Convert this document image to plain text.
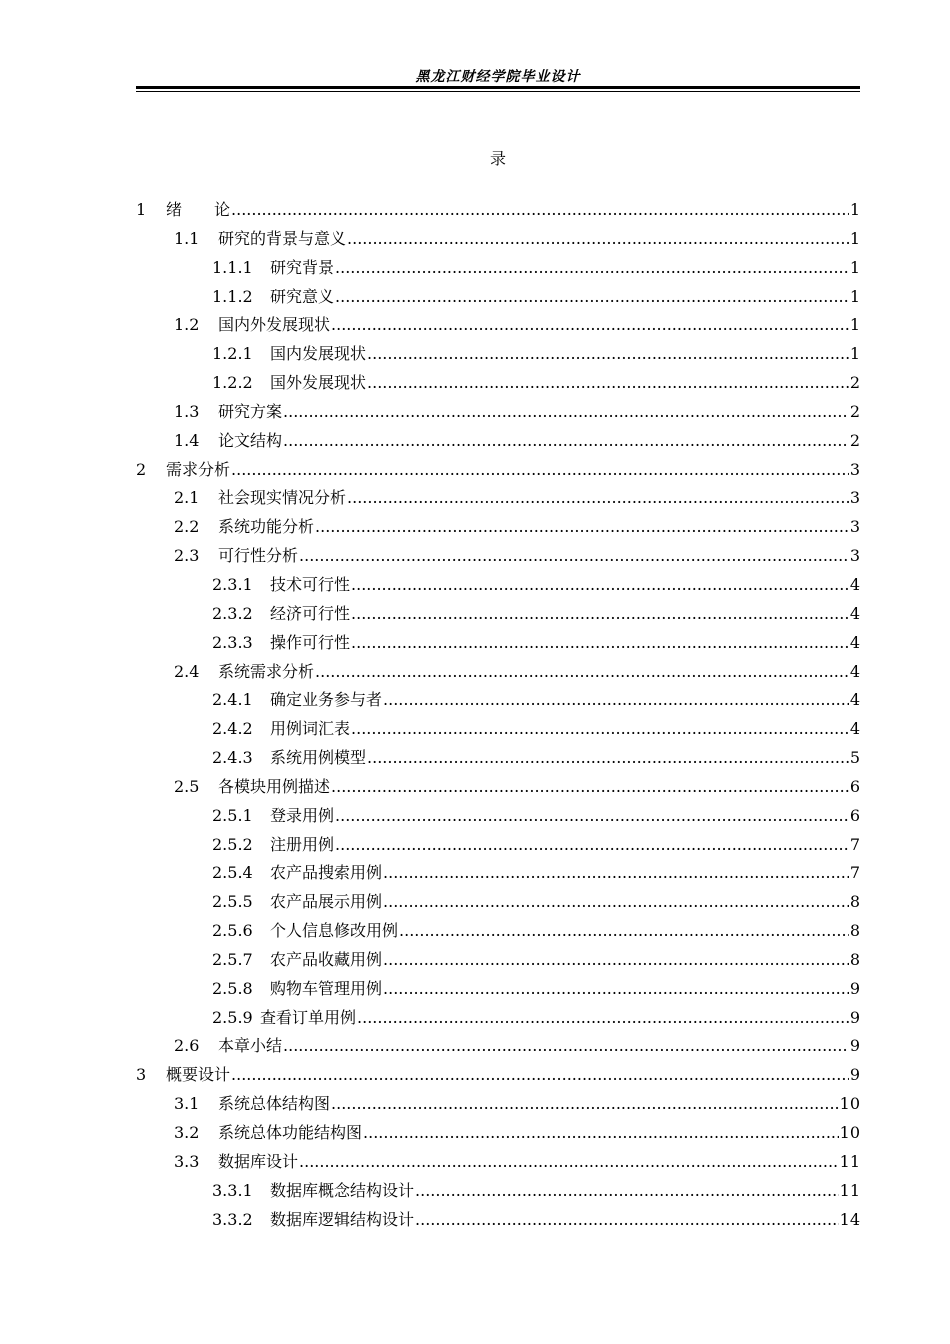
黑龙江财经学院毕业设计
录
1	绪　　论 .....	1
1.1	研究的背景与意义 .....	1
1.1.1	研究背景 .....	1
1.1.2	研究意义 .....	1
1.2	国内外发展现状 .....	1
1.2.1	国内发展现状 .....	1
1.2.2	国外发展现状 .....	2
1.3	研究方案 .....	2
1.4	论文结构 .....	2
2	需求分析 .....	3
2.1	社会现实情况分析 .....	3
2.2	系统功能分析 .....	3
2.3	可行性分析 .....	3
2.3.1	技术可行性 .....	4
2.3.2	经济可行性 .....	4
2.3.3	操作可行性 .....	4
2.4	系统需求分析 .....	4
2.4.1	确定业务参与者 .....	4
2.4.2	用例词汇表 .....	4
2.4.3	系统用例模型 .....	5
2.5	各模块用例描述 .....	6
2.5.1	登录用例 .....	6
2.5.2	注册用例 .....	7
2.5.4	农产品搜索用例 .....	7
2.5.5	农产品展示用例 .....	8
2.5.6	个人信息修改用例 .....	8
2.5.7	农产品收藏用例 .....	8
2.5.8	购物车管理用例 .....	9
2.5.9 查看订单用例 .....	9
2.6	本章小结 .....	9
3	概要设计 .....	9
3.1	系统总体结构图 .....	10
3.2	系统总体功能结构图 .....	10
3.3	数据库设计 .....	11
3.3.1	数据库概念结构设计 .....	11
3.3.2	数据库逻辑结构设计 .....	14
